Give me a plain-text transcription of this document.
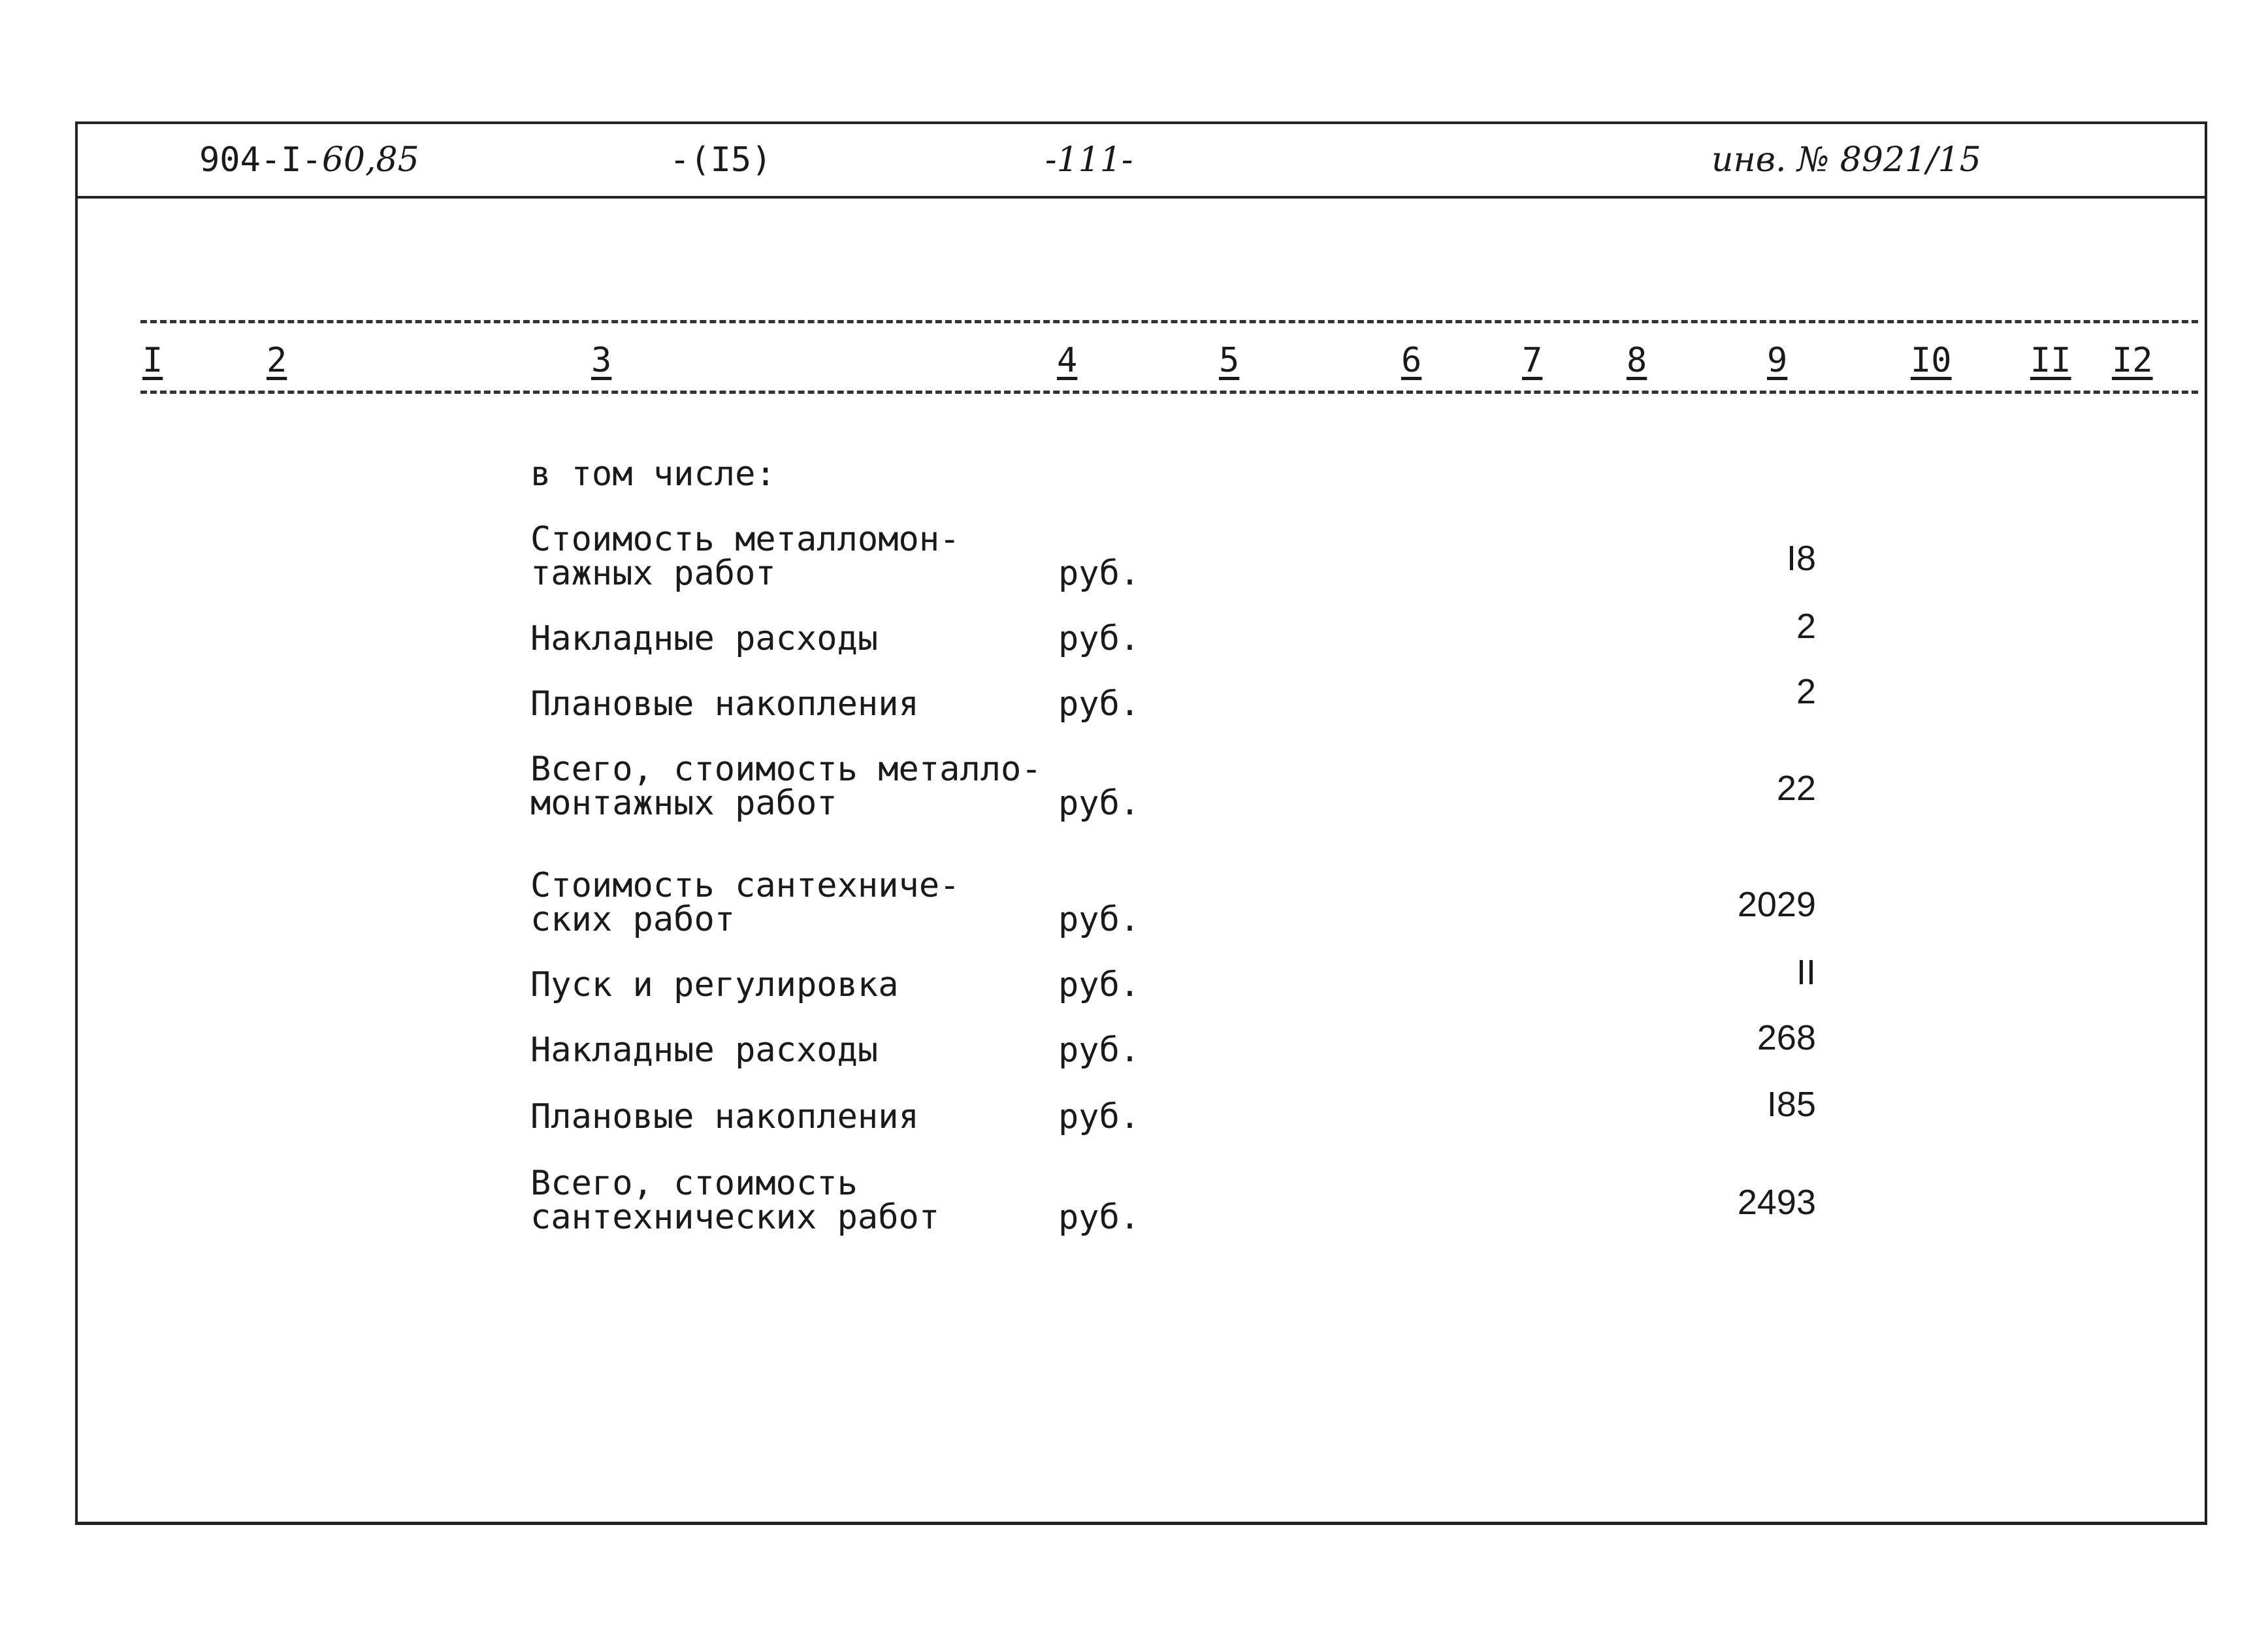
904-I-60,85	-(I5)	-111-	инв. № 8921/15
I	2	3	4	5	6	7 8	9	I0 II I2
в том числе:
Стоимость металломон-
тажных работ	руб.	I8
Накладные расходы	руб.	2
Плановые накопления	руб.	2
Всего, стоимость металло-
монтажных работ	руб.	22
Стоимость сантехниче-
ских работ	руб.	2029
Пуск и регулировка	руб.	II
Накладные расходы	руб.	268
Плановые накопления	руб.	I85
Всего, стоимость
сантехнических работ	руб.	2493
